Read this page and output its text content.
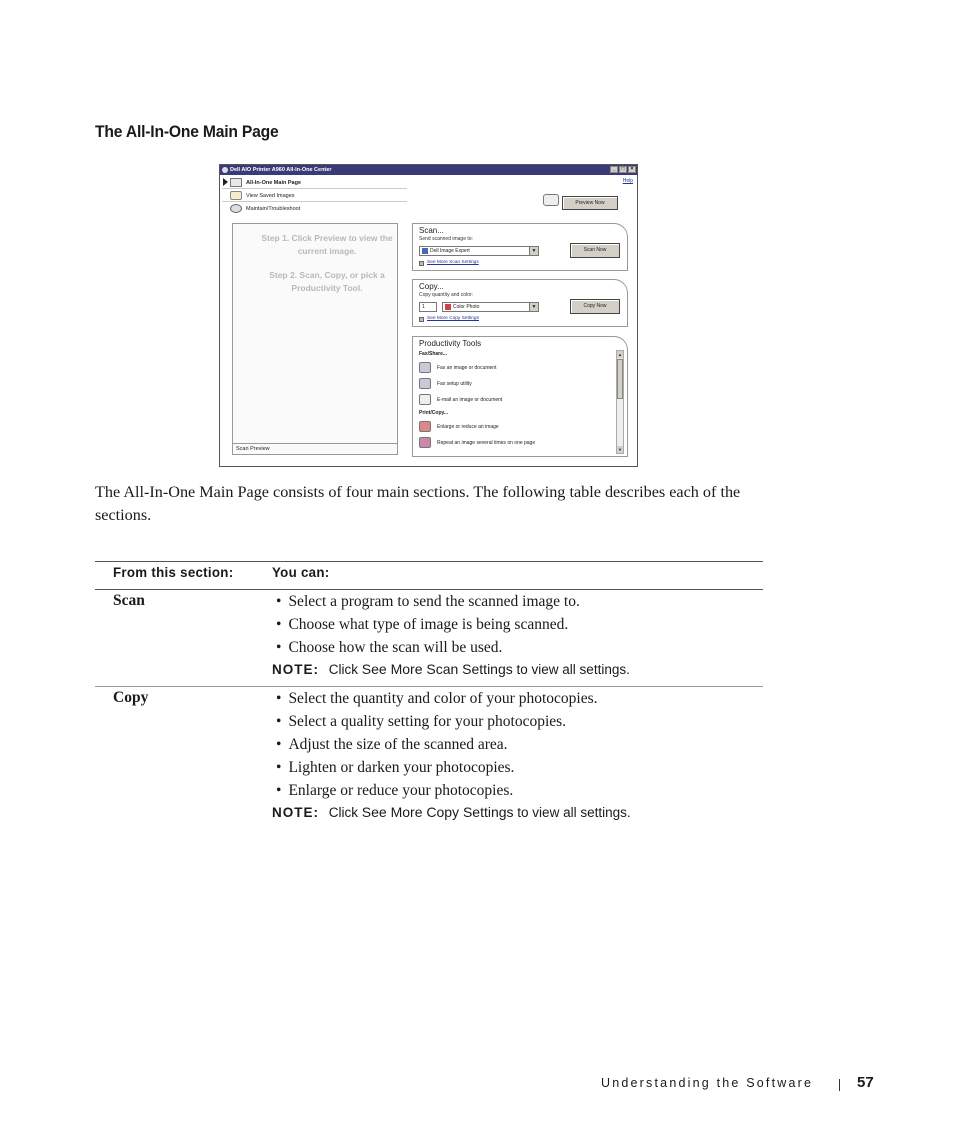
The All-In-One Main Page
Dell AIO Printer A960 All-In-One Center	_	□	×
Help
All-In-One Main Page
View Saved Images
Maintain/Troubleshoot
Preview Now
Step 1. Click Preview to view the current image.
Step 2. Scan, Copy, or pick a Productivity Tool.
Scan Preview
Scan...
Send scanned image to:
Dell Image Expert	▼	Scan Now
See More Scan Settings
Copy...
Copy quantity and color:
1	Color Photo	▼	Copy Now
See More Copy Settings
Productivity Tools
Fax/Share...
Fax an image or document
Fax setup utility
E-mail an image or document
Print/Copy...
Enlarge or reduce an image
Repeat an image several times on one page
▲
▼
The All-In-One Main Page consists of four main sections. The following table describes each of the sections.
From this section:	You can:
Scan	• Select a program to send the scanned image to.
• Choose what type of image is being scanned.
• Choose how the scan will be used.
NOTE: Click See More Scan Settings to view all settings.
Copy	• Select the quantity and color of your photocopies.
• Select a quality setting for your photocopies.
• Adjust the size of the scanned area.
• Lighten or darken your photocopies.
• Enlarge or reduce your photocopies.
NOTE: Click See More Copy Settings to view all settings.
Understanding the Software	57
